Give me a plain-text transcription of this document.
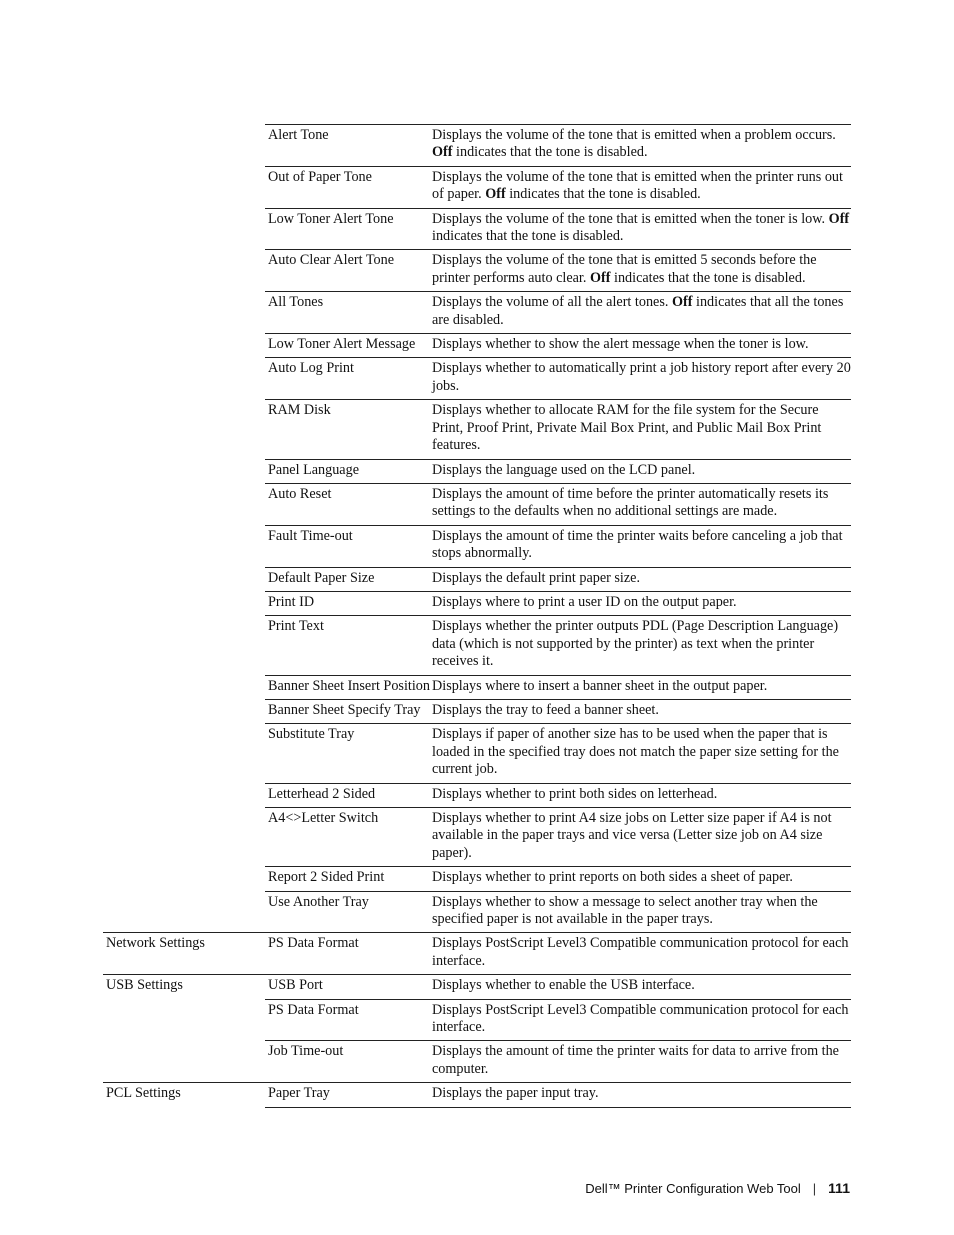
Alert Tone	Displays the volume of the tone that is emitted when a problem occurs. Off indicates that the tone is disabled.
Out of Paper Tone	Displays the volume of the tone that is emitted when the printer runs out of paper. Off indicates that the tone is disabled.
Low Toner Alert Tone	Displays the volume of the tone that is emitted when the toner is low. Off indicates that the tone is disabled.
Auto Clear Alert Tone	Displays the volume of the tone that is emitted 5 seconds before the printer performs auto clear. Off indicates that the tone is disabled.
All Tones	Displays the volume of all the alert tones. Off indicates that all the tones are disabled.
Low Toner Alert Message	Displays whether to show the alert message when the toner is low.
Auto Log Print	Displays whether to automatically print a job history report after every 20 jobs.
RAM Disk	Displays whether to allocate RAM for the file system for the Secure Print, Proof Print, Private Mail Box Print, and Public Mail Box Print features.
Panel Language	Displays the language used on the LCD panel.
Auto Reset	Displays the amount of time before the printer automatically resets its settings to the defaults when no additional settings are made.
Fault Time-out	Displays the amount of time the printer waits before canceling a job that stops abnormally.
Default Paper Size	Displays the default print paper size.
Print ID	Displays where to print a user ID on the output paper.
Print Text	Displays whether the printer outputs PDL (Page Description Language) data (which is not supported by the printer) as text when the printer receives it.
Banner Sheet Insert Position Displays where to insert a banner sheet in the output paper.
Banner Sheet Specify Tray Displays the tray to feed a banner sheet.
Substitute Tray	Displays if paper of another size has to be used when the paper that is loaded in the specified tray does not match the paper size setting for the current job.
Letterhead 2 Sided	Displays whether to print both sides on letterhead.
A4<>Letter Switch	Displays whether to print A4 size jobs on Letter size paper if A4 is not available in the paper trays and vice versa (Letter size job on A4 size paper).
Report 2 Sided Print	Displays whether to print reports on both sides a sheet of paper.
Use Another Tray	Displays whether to show a message to select another tray when the specified paper is not available in the paper trays.
Network Settings	PS Data Format	Displays PostScript Level3 Compatible communication protocol for each interface.
USB Settings	USB Port	Displays whether to enable the USB interface.
PS Data Format	Displays PostScript Level3 Compatible communication protocol for each interface.
Job Time-out	Displays the amount of time the printer waits for data to arrive from the computer.
PCL Settings	Paper Tray	Displays the paper input tray.
Dell™ Printer Configuration Web Tool | 111
